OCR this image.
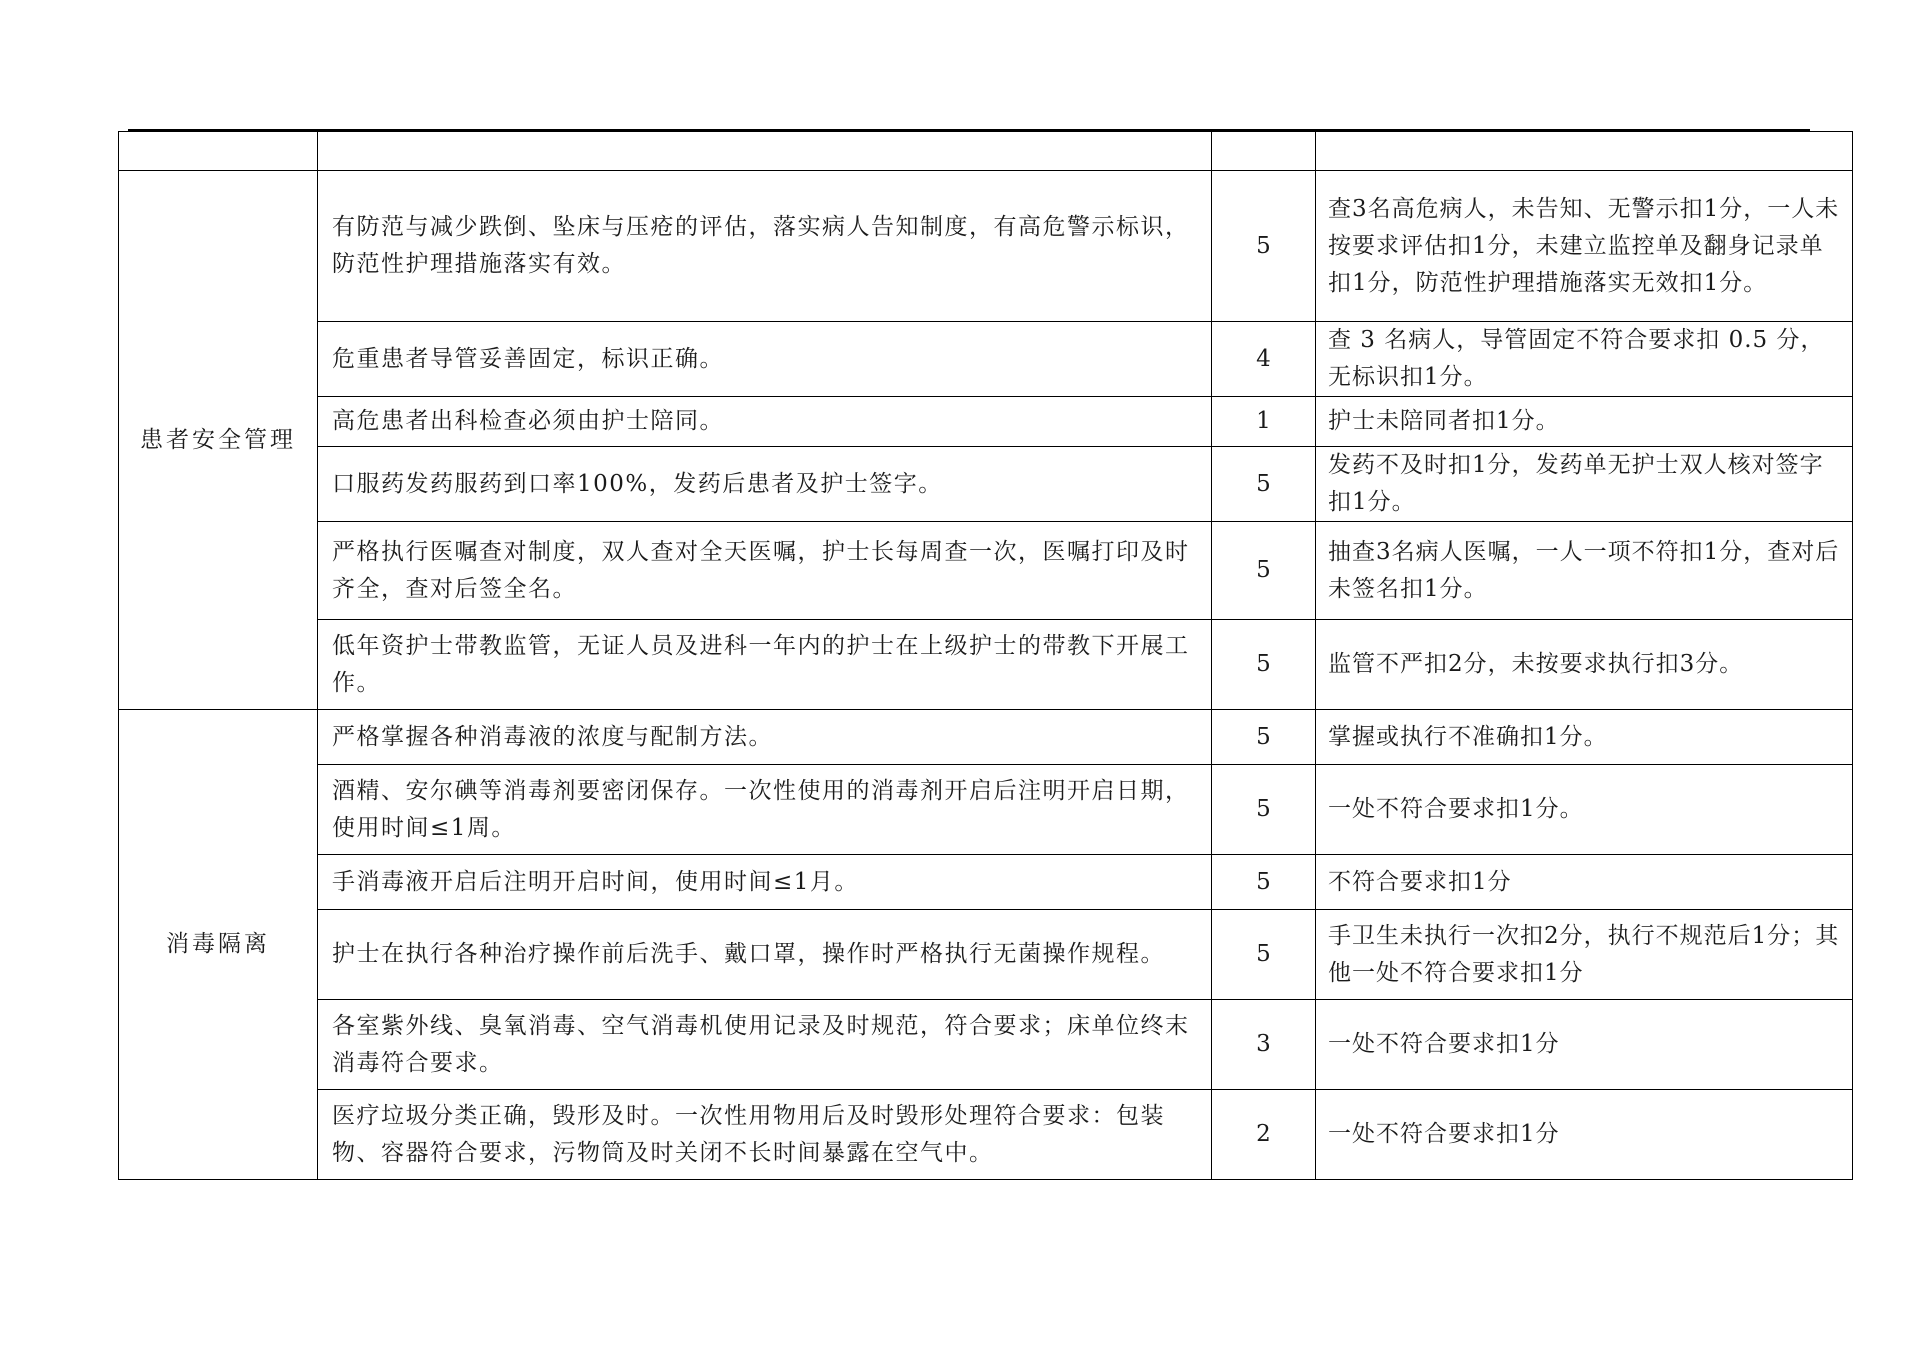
患者安全管理	有防范与减少跌倒、坠床与压疮的评估，落实病人告知制度，有高危警示标识，防范性护理措施落实有效。	5	查3名高危病人，未告知、无警示扣1分，一人未按要求评估扣1分，未建立监控单及翻身记录单扣1分，防范性护理措施落实无效扣1分。
	危重患者导管妥善固定，标识正确。	4	查 3 名病人，导管固定不符合要求扣 0.5 分，无标识扣1分。
	高危患者出科检查必须由护士陪同。	1	护士未陪同者扣1分。
	口服药发药服药到口率100%，发药后患者及护士签字。	5	发药不及时扣1分，发药单无护士双人核对签字扣1分。
	严格执行医嘱查对制度，双人查对全天医嘱，护士长每周查一次，医嘱打印及时齐全，查对后签全名。	5	抽查3名病人医嘱，一人一项不符扣1分，查对后未签名扣1分。
	低年资护士带教监管，无证人员及进科一年内的护士在上级护士的带教下开展工作。	5	监管不严扣2分，未按要求执行扣3分。
消毒隔离	严格掌握各种消毒液的浓度与配制方法。	5	掌握或执行不准确扣1分。
	酒精、安尔碘等消毒剂要密闭保存。一次性使用的消毒剂开启后注明开启日期，使用时间≤1周。	5	一处不符合要求扣1分。
	手消毒液开启后注明开启时间，使用时间≤1月。	5	不符合要求扣1分
	护士在执行各种治疗操作前后洗手、戴口罩，操作时严格执行无菌操作规程。	5	手卫生未执行一次扣2分，执行不规范后1分；其他一处不符合要求扣1分
	各室紫外线、臭氧消毒、空气消毒机使用记录及时规范，符合要求；床单位终末消毒符合要求。	3	一处不符合要求扣1分
	医疗垃圾分类正确，毁形及时。一次性用物用后及时毁形处理符合要求：包装物、容器符合要求，污物筒及时关闭不长时间暴露在空气中。	2	一处不符合要求扣1分
